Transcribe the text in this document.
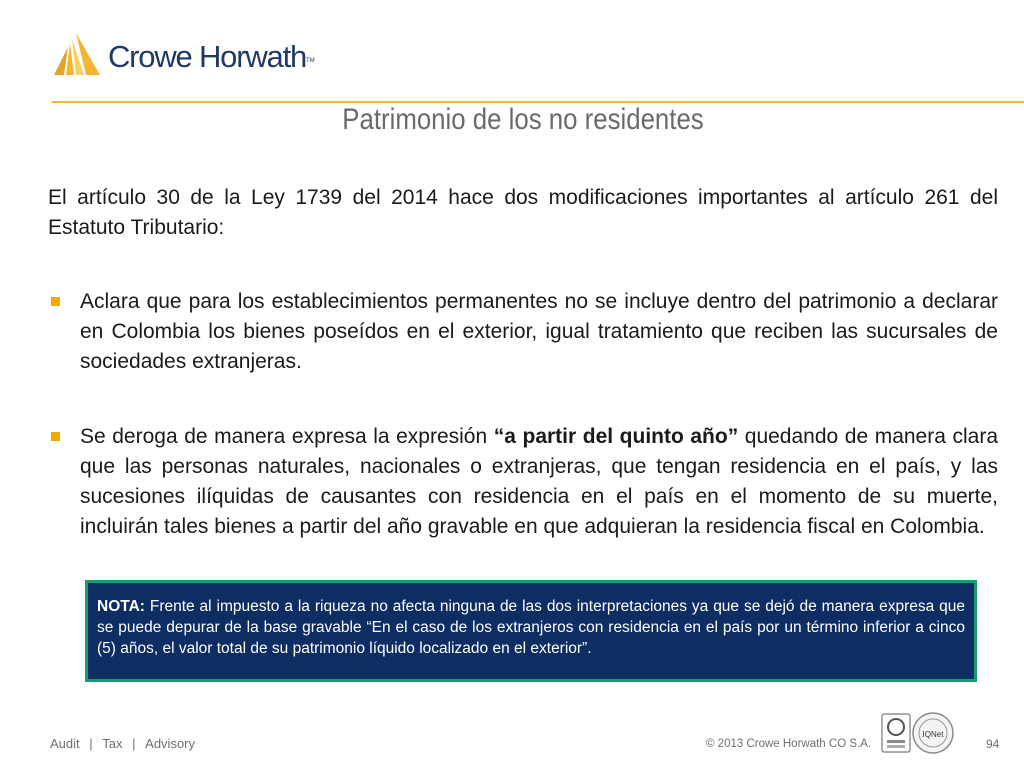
Crowe Horwath TM
Patrimonio de los no residentes
El artículo 30 de la Ley 1739 del 2014 hace dos modificaciones importantes al artículo 261 del Estatuto Tributario:
Aclara que para los establecimientos permanentes no se incluye dentro del patrimonio a declarar en Colombia los bienes poseídos en el exterior, igual tratamiento que reciben las sucursales de sociedades extranjeras.
Se deroga de manera expresa la expresión “a partir del quinto año” quedando de manera clara que las personas naturales, nacionales o extranjeras, que tengan residencia en el país, y las sucesiones ilíquidas de causantes con residencia en el país en el momento de su muerte, incluirán tales bienes a partir del año gravable en que adquieran la residencia fiscal en Colombia.
NOTA: Frente al impuesto a la riqueza no afecta ninguna de las dos interpretaciones ya que se dejó de manera expresa que se puede depurar de la base gravable “En el caso de los extranjeros con residencia en el país por un término inferior a cinco (5) años, el valor total de su patrimonio líquido localizado en el exterior”.
Audit | Tax | Advisory	© 2013 Crowe Horwath CO S.A.
IQNet
94
